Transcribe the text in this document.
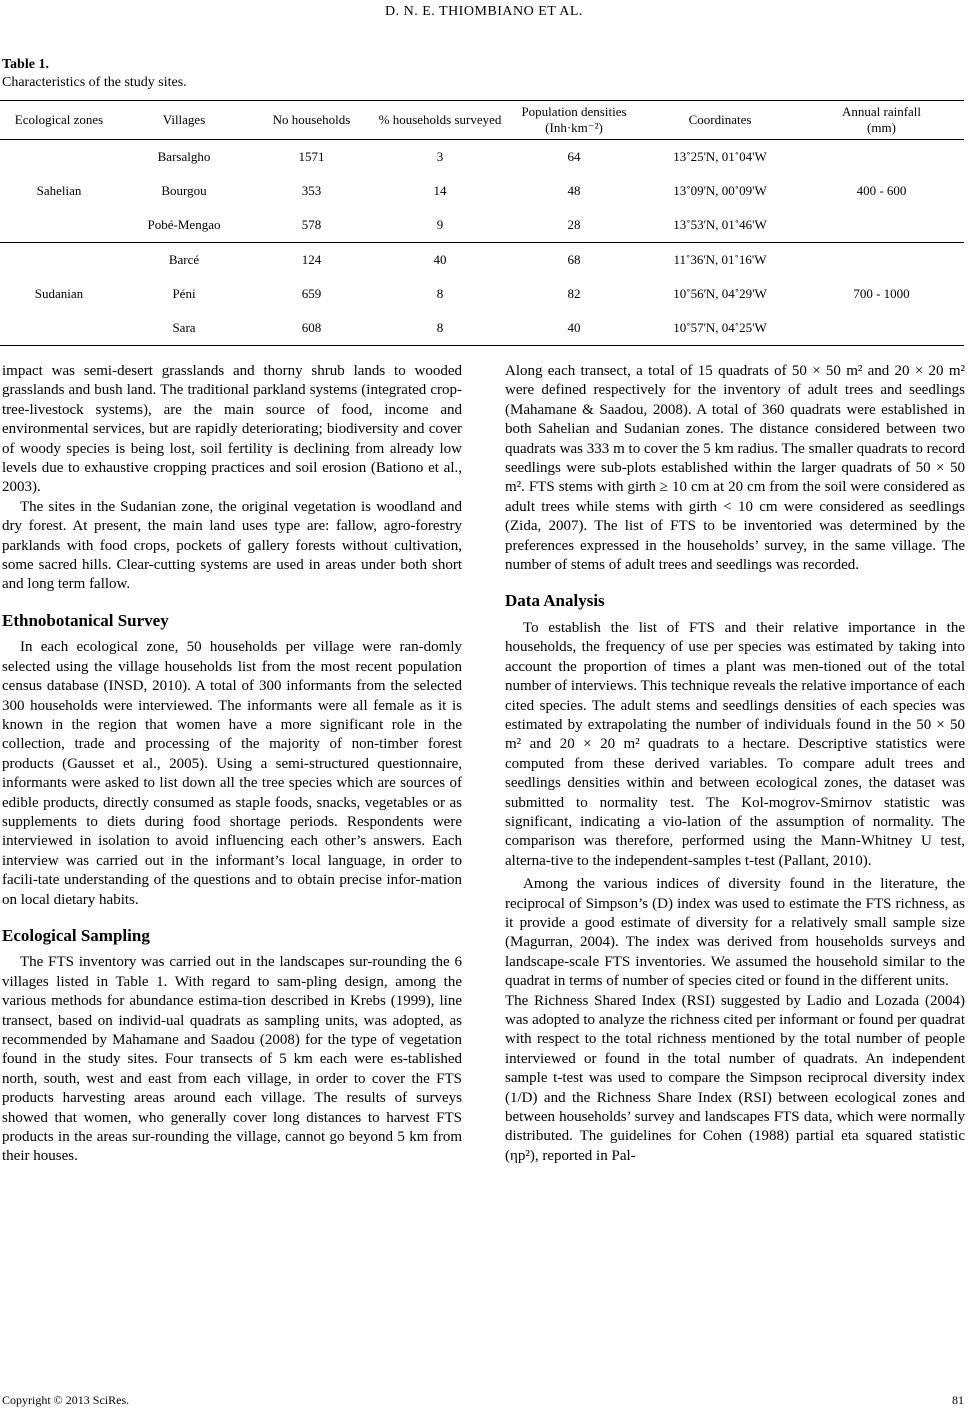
D. N. E. THIOMBIANO ET AL.
Table 1.
Characteristics of the study sites.
Ecological zones	Villages	No households	% households surveyed	Population densities (Inh·km⁻²)	Coordinates	Annual rainfall (mm)
Sahelian	Barsalgho	1571	3	64	13˚25'N, 01˚04'W	400 - 600
	Bourgou	353	14	48	13˚09'N, 00˚09'W	
	Pobé-Mengao	578	9	28	13˚53'N, 01˚46'W	
Sudanian	Barcé	124	40	68	11˚36'N, 01˚16'W	700 - 1000
	Péni	659	8	82	10˚56'N, 04˚29'W	
	Sara	608	8	40	10˚57'N, 04˚25'W	

impact was semi-desert grasslands and thorny shrub lands to wooded grasslands and bush land. The traditional parkland systems (integrated crop-tree-livestock systems), are the main source of food, income and environmental services, but are rapidly deteriorating; biodiversity and cover of woody species is being lost, soil fertility is declining from already low levels due to exhaustive cropping practices and soil erosion (Bationo et al., 2003).

The sites in the Sudanian zone, the original vegetation is woodland and dry forest. At present, the main land uses type are: fallow, agro-forestry parklands with food crops, pockets of gallery forests without cultivation, some sacred hills. Clear-cutting systems are used in areas under both short and long term fallow.

Ethnobotanical Survey

In each ecological zone, 50 households per village were ran-domly selected using the village households list from the most recent population census database (INSD, 2010). A total of 300 informants from the selected 300 households were interviewed. The informants were all female as it is known in the region that women have a more significant role in the collection, trade and processing of the majority of non-timber forest products (Gausset et al., 2005). Using a semi-structured questionnaire, informants were asked to list down all the tree species which are sources of edible products, directly consumed as staple foods, snacks, vegetables or as supplements to diets during food shortage periods. Respondents were interviewed in isolation to avoid influencing each other’s answers. Each interview was carried out in the informant’s local language, in order to facili-tate understanding of the questions and to obtain precise infor-mation on local dietary habits.

Ecological Sampling

The FTS inventory was carried out in the landscapes sur-rounding the 6 villages listed in Table 1. With regard to sam-pling design, among the various methods for abundance estima-tion described in Krebs (1999), line transect, based on individ-ual quadrats as sampling units, was adopted, as recommended by Mahamane and Saadou (2008) for the type of vegetation found in the study sites. Four transects of 5 km each were es-tablished north, south, west and east from each village, in order to cover the FTS products harvesting areas around each village. The results of surveys showed that women, who generally cover long distances to harvest FTS products in the areas sur-rounding the village, cannot go beyond 5 km from their houses.

Along each transect, a total of 15 quadrats of 50 × 50 m² and 20 × 20 m² were defined respectively for the inventory of adult trees and seedlings (Mahamane & Saadou, 2008). A total of 360 quadrats were established in both Sahelian and Sudanian zones. The distance considered between two quadrats was 333 m to cover the 5 km radius. The smaller quadrats to record seedlings were sub-plots established within the larger quadrats of 50 × 50 m². FTS stems with girth ≥ 10 cm at 20 cm from the soil were considered as adult trees while stems with girth < 10 cm were considered as seedlings (Zida, 2007). The list of FTS to be inventoried was determined by the preferences expressed in the households’ survey, in the same village. The number of stems of adult trees and seedlings was recorded.

Data Analysis

To establish the list of FTS and their relative importance in the households, the frequency of use per species was estimated by taking into account the proportion of times a plant was men-tioned out of the total number of interviews. This technique reveals the relative importance of each cited species. The adult stems and seedlings densities of each species was estimated by extrapolating the number of individuals found in the 50 × 50 m² and 20 × 20 m² quadrats to a hectare. Descriptive statistics were computed from these derived variables. To compare adult trees and seedlings densities within and between ecological zones, the dataset was submitted to normality test. The Kol-mogrov-Smirnov statistic was significant, indicating a vio-lation of the assumption of normality. The comparison was therefore, performed using the Mann-Whitney U test, alterna-tive to the independent-samples t-test (Pallant, 2010).

Among the various indices of diversity found in the literature, the reciprocal of Simpson’s (D) index was used to estimate the FTS richness, as it provide a good estimate of diversity for a relatively small sample size (Magurran, 2004). The index was derived from households surveys and landscape-scale FTS inventories. We assumed the household similar to the quadrat in terms of number of species cited or found in the different units.

The Richness Shared Index (RSI) suggested by Ladio and Lozada (2004) was adopted to analyze the richness cited per informant or found per quadrat with respect to the total richness mentioned by the total number of people interviewed or found in the total number of quadrats. An independent sample t-test was used to compare the Simpson reciprocal diversity index (1/D) and the Richness Share Index (RSI) between ecological zones and between households’ survey and landscapes FTS data, which were normally distributed. The guidelines for Cohen (1988) partial eta squared statistic (ηp²), reported in Pal-

Copyright © 2013 SciRes.	81
